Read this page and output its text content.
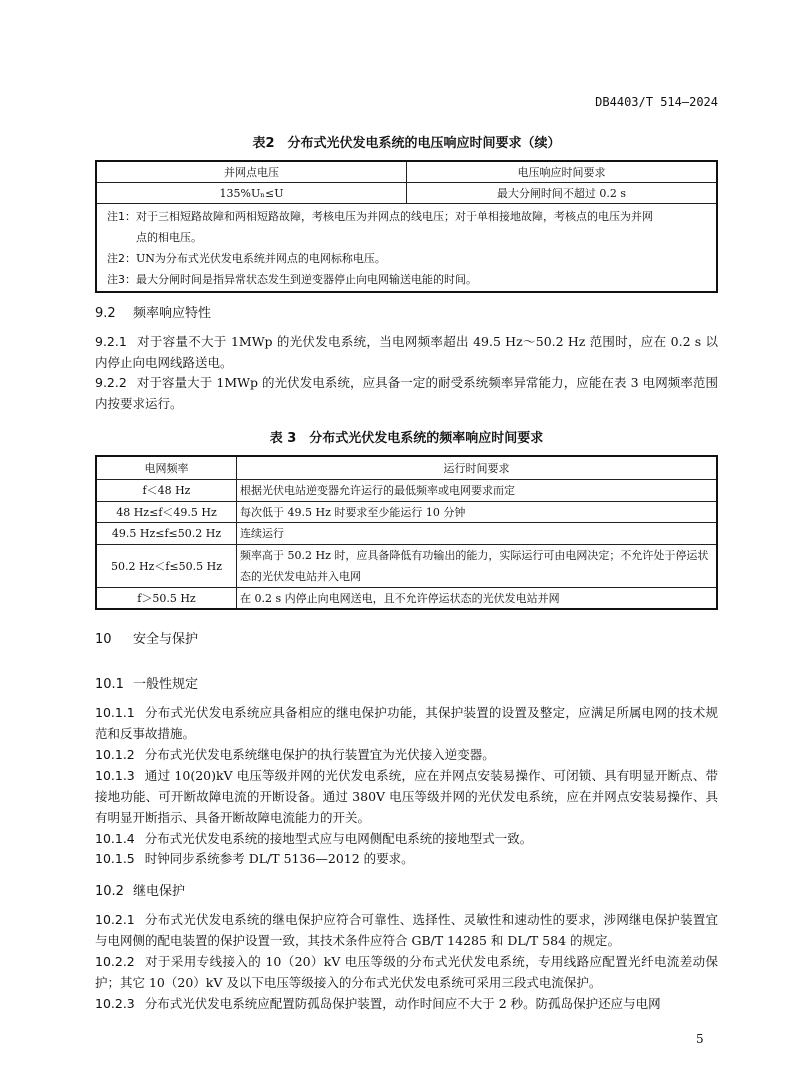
DB4403/T 514—2024
表2　分布式光伏发电系统的电压响应时间要求（续）
并网点电压	电压响应时间要求
135%Uₙ≤U	最大分闸时间不超过 0.2 s
注1：对于三相短路故障和两相短路故障，考核电压为并网点的线电压；对于单相接地故障，考核点的电压为并网
点的相电压。	

注2：UN为分布式光伏发电系统并网点的电网标称电压。	
注3：最大分闸时间是指异常状态发生到逆变器停止向电网输送电能的时间。	
9.2 频率响应特性
9.2.1 对于容量不大于 1MWp 的光伏发电系统，当电网频率超出 49.5 Hz～50.2 Hz 范围时，应在 0.2 s 以内停止向电网线路送电。
9.2.2 对于容量大于 1MWp 的光伏发电系统，应具备一定的耐受系统频率异常能力，应能在表 3 电网频率范围内按要求运行。
表 3　分布式光伏发电系统的频率响应时间要求
电网频率	运行时间要求
f＜48 Hz	根据光伏电站逆变器允许运行的最低频率或电网要求而定
48 Hz≤f＜49.5 Hz	每次低于 49.5 Hz 时要求至少能运行 10 分钟
49.5 Hz≤f≤50.2 Hz	连续运行
50.2 Hz＜f≤50.5 Hz	频率高于 50.2 Hz 时，应具备降低有功输出的能力，实际运行可由电网决定；不允许处于停运状态的光伏发电站并入电网
f＞50.5 Hz	在 0.2 s 内停止向电网送电，且不允许停运状态的光伏发电站并网
10 安全与保护
10.1 一般性规定
10.1.1 分布式光伏发电系统应具备相应的继电保护功能，其保护装置的设置及整定，应满足所属电网的技术规范和反事故措施。
10.1.2 分布式光伏发电系统继电保护的执行装置宜为光伏接入逆变器。
10.1.3 通过 10(20)kV 电压等级并网的光伏发电系统，应在并网点安装易操作、可闭锁、具有明显开断点、带接地功能、可开断故障电流的开断设备。通过 380V 电压等级并网的光伏发电系统，应在并网点安装易操作、具有明显开断指示、具备开断故障电流能力的开关。
10.1.4 分布式光伏发电系统的接地型式应与电网侧配电系统的接地型式一致。
10.1.5 时钟同步系统参考 DL/T 5136—2012 的要求。
10.2 继电保护
10.2.1 分布式光伏发电系统的继电保护应符合可靠性、选择性、灵敏性和速动性的要求，涉网继电保护装置宜与电网侧的配电装置的保护设置一致，其技术条件应符合 GB/T 14285 和 DL/T 584 的规定。
10.2.2 对于采用专线接入的 10（20）kV 电压等级的分布式光伏发电系统，专用线路应配置光纤电流差动保护；其它 10（20）kV 及以下电压等级接入的分布式光伏发电系统可采用三段式电流保护。
10.2.3 分布式光伏发电系统应配置防孤岛保护装置，动作时间应不大于 2 秒。防孤岛保护还应与电网
5
